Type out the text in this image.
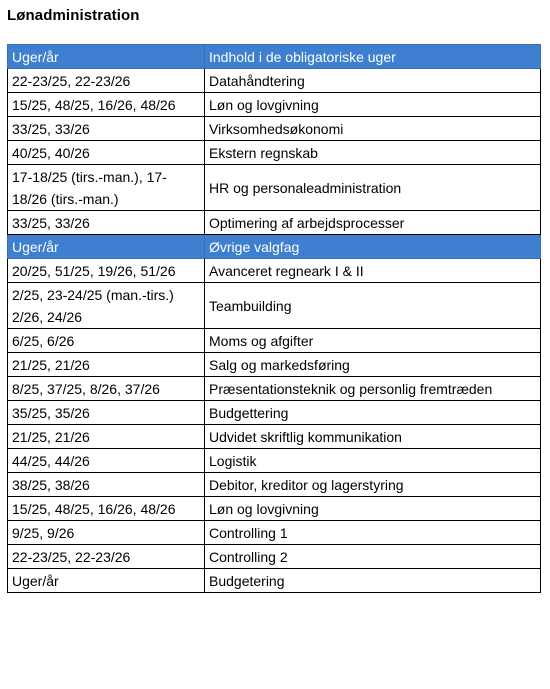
Lønadministration
Uger/år	Indhold i de obligatoriske uger
22-23/25, 22-23/26	Datahåndtering
15/25, 48/25, 16/26, 48/26	Løn og lovgivning
33/25, 33/26	Virksomhedsøkonomi
40/25, 40/26	Ekstern regnskab
17-18/25 (tirs.-man.), 17-18/26 (tirs.-man.)	HR og personaleadministration
33/25, 33/26	Optimering af arbejdsprocesser
Uger/år	Øvrige valgfag
20/25, 51/25, 19/26, 51/26	Avanceret regneark I & II

2/25, 23-24/25 (man.-tirs.)
2/26, 24/26	Teambuilding
6/25, 6/26	Moms og afgifter
21/25, 21/26	Salg og markedsføring
8/25, 37/25, 8/26, 37/26	Præsentationsteknik og personlig fremtræden
35/25, 35/26	Budgettering
21/25, 21/26	Udvidet skriftlig kommunikation
44/25, 44/26	Logistik
38/25, 38/26	Debitor, kreditor og lagerstyring
15/25, 48/25, 16/26, 48/26	Løn og lovgivning
9/25, 9/26	Controlling 1
22-23/25, 22-23/26	Controlling 2
Uger/år	Budgetering
